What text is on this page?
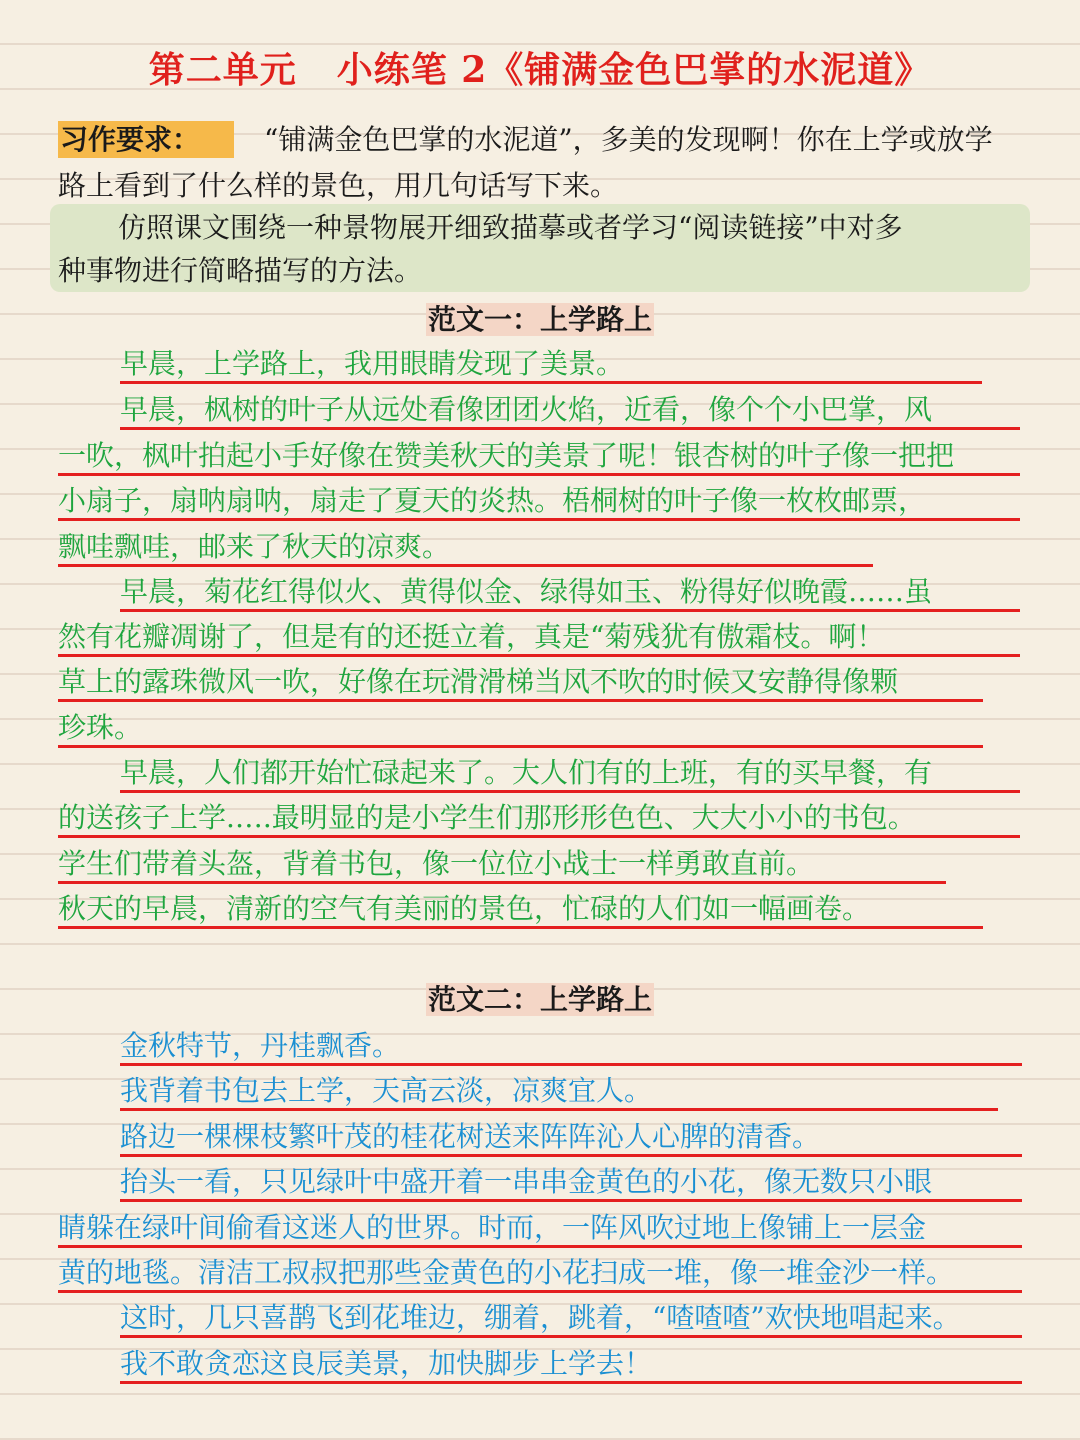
第二单元 小练笔 2《铺满金色巴掌的水泥道》
习作要求： “铺满金色巴掌的水泥道”，多美的发现啊！你在上学或放学
路上看到了什么样的景色，用几句话写下来。
仿照课文围绕一种景物展开细致描摹或者学习“阅读链接”中对多
种事物进行简略描写的方法。
范文一：上学路上
早晨，上学路上，我用眼睛发现了美景。
早晨，枫树的叶子从远处看像团团火焰，近看，像个个小巴掌，风
一吹，枫叶拍起小手好像在赞美秋天的美景了呢！银杏树的叶子像一把把
小扇子，扇呐扇呐，扇走了夏天的炎热。梧桐树的叶子像一枚枚邮票，
飘哇飘哇，邮来了秋天的凉爽。
早晨，菊花红得似火、黄得似金、绿得如玉、粉得好似晚霞……虽
然有花瓣凋谢了，但是有的还挺立着，真是“菊残犹有傲霜枝。啊！
草上的露珠微风一吹，好像在玩滑滑梯当风不吹的时候又安静得像颗
珍珠。
早晨，人们都开始忙碌起来了。大人们有的上班，有的买早餐，有
的送孩子上学.….最明显的是小学生们那形形色色、大大小小的书包。
学生们带着头盔，背着书包，像一位位小战士一样勇敢直前。
秋天的早晨，清新的空气有美丽的景色，忙碌的人们如一幅画卷。
范文二：上学路上
金秋特节，丹桂飘香。
我背着书包去上学，天高云淡，凉爽宜人。
路边一棵棵枝繁叶茂的桂花树送来阵阵沁人心脾的清香。
抬头一看，只见绿叶中盛开着一串串金黄色的小花，像无数只小眼
睛躲在绿叶间偷看这迷人的世界。时而，一阵风吹过地上像铺上一层金
黄的地毯。清洁工叔叔把那些金黄色的小花扫成一堆，像一堆金沙一样。
这时，几只喜鹊飞到花堆边，绷着，跳着，“喳喳喳”欢快地唱起来。
我不敢贪恋这良辰美景，加快脚步上学去！
